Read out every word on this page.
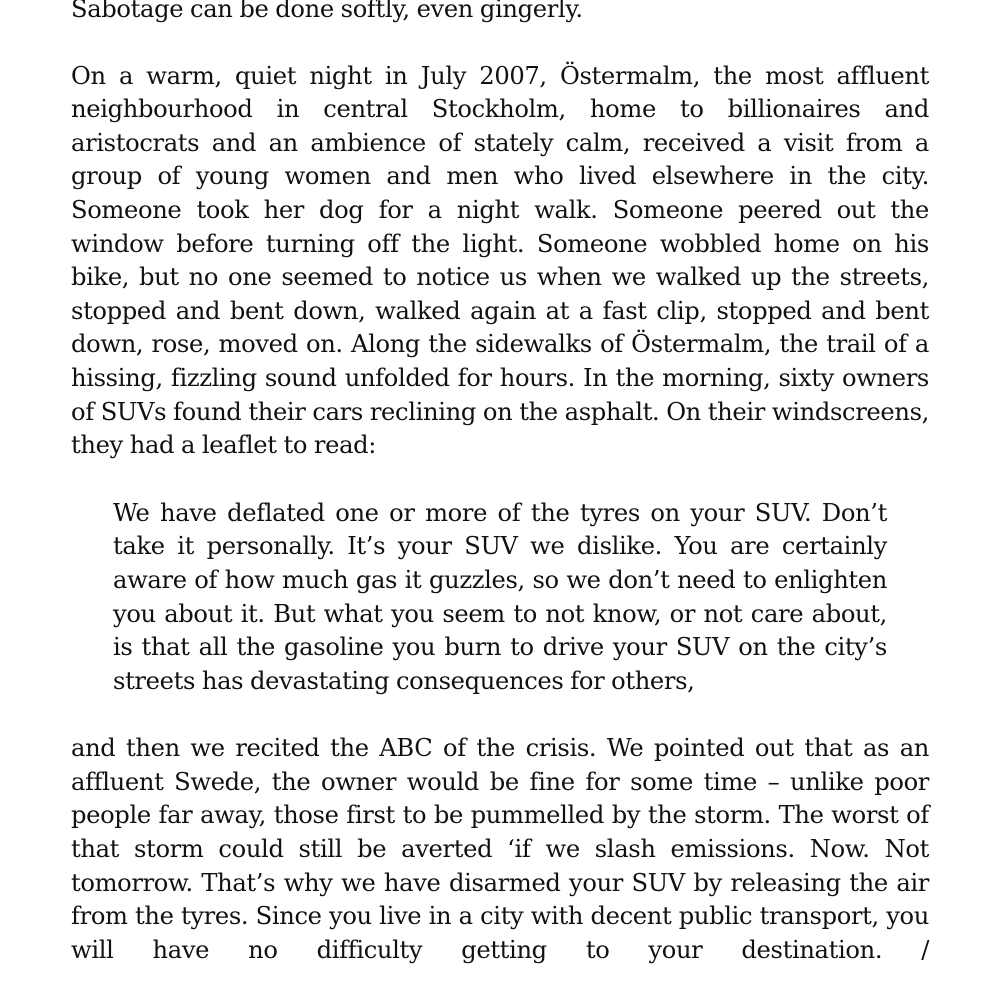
Sabotage can be done softly, even gingerly.

On a warm, quiet night in July 2007, Östermalm, the most affluent neighbourhood in central Stockholm, home to billionaires and aristocrats and an ambience of stately calm, received a visit from a group of young women and men who lived elsewhere in the city. Someone took her dog for a night walk. Someone peered out the window before turning off the light. Someone wobbled home on his bike, but no one seemed to notice us when we walked up the streets, stopped and bent down, walked again at a fast clip, stopped and bent down, rose, moved on. Along the sidewalks of Östermalm, the trail of a hissing, fizzling sound unfolded for hours. In the morning, sixty owners of SUVs found their cars reclining on the asphalt. On their windscreens, they had a leaflet to read:

We have deflated one or more of the tyres on your SUV. Don’t take it personally. It’s your SUV we dislike. You are certainly aware of how much gas it guzzles, so we don’t need to enlighten you about it. But what you seem to not know, or not care about, is that all the gasoline you burn to drive your SUV on the city’s streets has devastating consequences for others,

and then we recited the ABC of the crisis. We pointed out that as an affluent Swede, the owner would be fine for some time – unlike poor people far away, those first to be pummelled by the storm. The worst of that storm could still be averted ‘if we slash emissions. Now. Not tomorrow. That’s why we have disarmed your SUV by releasing the air from the tyres. Since you live in a city with decent public transport, you will have no difficulty getting to your destination. /
